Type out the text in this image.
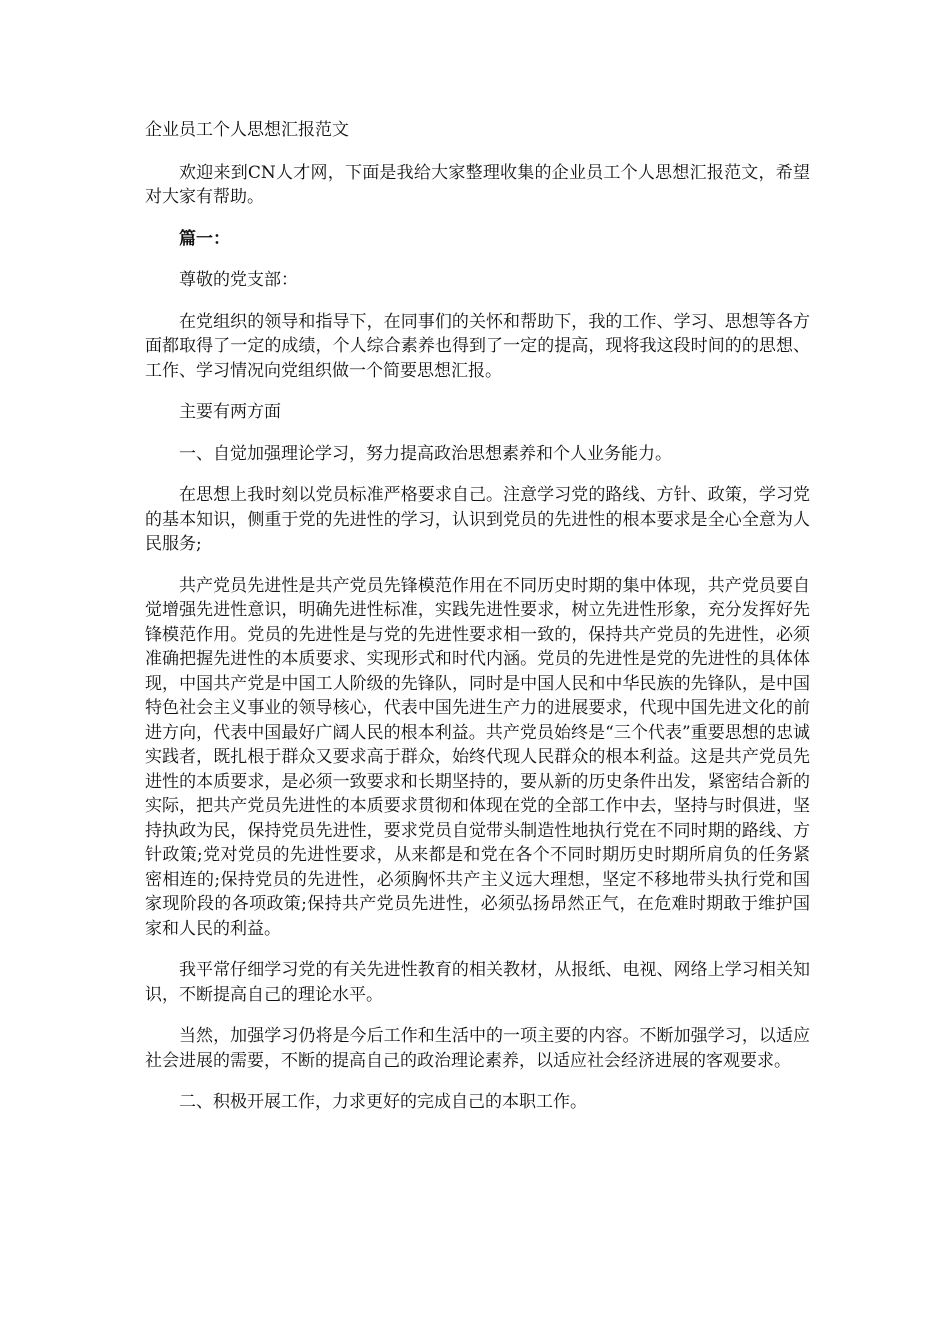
企业员工个人思想汇报范文

欢迎来到CN人才网，下面是我给大家整理收集的企业员工个人思想汇报范文，希望对大家有帮助。

篇一：

尊敬的党支部：

在党组织的领导和指导下，在同事们的关怀和帮助下，我的工作、学习、思想等各方面都取得了一定的成绩，个人综合素养也得到了一定的提高，现将我这段时间的的思想、工作、学习情况向党组织做一个简要思想汇报。

主要有两方面

一、自觉加强理论学习，努力提高政治思想素养和个人业务能力。

在思想上我时刻以党员标准严格要求自己。注意学习党的路线、方针、政策，学习党的基本知识，侧重于党的先进性的学习，认识到党员的先进性的根本要求是全心全意为人民服务;

共产党员先进性是共产党员先锋模范作用在不同历史时期的集中体现，共产党员要自觉增强先进性意识，明确先进性标准，实践先进性要求，树立先进性形象，充分发挥好先锋模范作用。党员的先进性是与党的先进性要求相一致的，保持共产党员的先进性，必须准确把握先进性的本质要求、实现形式和时代内涵。党员的先进性是党的先进性的具体体现，中国共产党是中国工人阶级的先锋队，同时是中国人民和中华民族的先锋队，是中国特色社会主义事业的领导核心，代表中国先进生产力的进展要求，代现中国先进文化的前进方向，代表中国最好广阔人民的根本利益。共产党员始终是“三个代表”重要思想的忠诚实践者，既扎根于群众又要求高于群众，始终代现人民群众的根本利益。这是共产党员先进性的本质要求，是必须一致要求和长期坚持的，要从新的历史条件出发，紧密结合新的实际，把共产党员先进性的本质要求贯彻和体现在党的全部工作中去，坚持与时俱进，坚持执政为民，保持党员先进性，要求党员自觉带头制造性地执行党在不同时期的路线、方针政策;党对党员的先进性要求，从来都是和党在各个不同时期历史时期所肩负的任务紧密相连的;保持党员的先进性，必须胸怀共产主义远大理想，坚定不移地带头执行党和国家现阶段的各项政策;保持共产党员先进性，必须弘扬昂然正气，在危难时期敢于维护国家和人民的利益。

我平常仔细学习党的有关先进性教育的相关教材，从报纸、电视、网络上学习相关知识，不断提高自己的理论水平。

当然，加强学习仍将是今后工作和生活中的一项主要的内容。不断加强学习，以适应社会进展的需要，不断的提高自己的政治理论素养，以适应社会经济进展的客观要求。

二、积极开展工作，力求更好的完成自己的本职工作。
